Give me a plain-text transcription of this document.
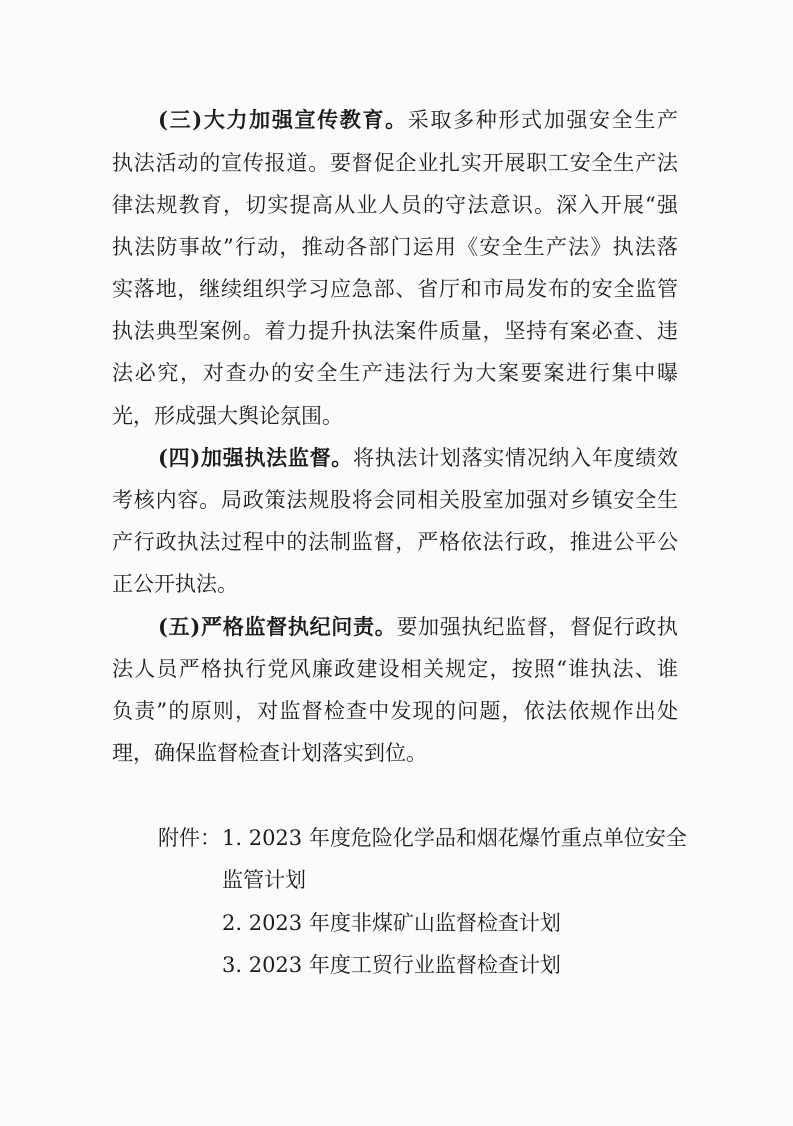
(三)大力加强宣传教育。采取多种形式加强安全生产
执法活动的宣传报道。要督促企业扎实开展职工安全生产法
律法规教育，切实提高从业人员的守法意识。深入开展“强
执法防事故”行动，推动各部门运用《安全生产法》执法落
实落地，继续组织学习应急部、省厅和市局发布的安全监管
执法典型案例。着力提升执法案件质量，坚持有案必查、违
法必究，对查办的安全生产违法行为大案要案进行集中曝
光，形成强大舆论氛围。
(四)加强执法监督。将执法计划落实情况纳入年度绩效
考核内容。局政策法规股将会同相关股室加强对乡镇安全生
产行政执法过程中的法制监督，严格依法行政，推进公平公
正公开执法。
(五)严格监督执纪问责。要加强执纪监督，督促行政执
法人员严格执行党风廉政建设相关规定，按照“谁执法、谁
负责”的原则，对监督检查中发现的问题，依法依规作出处
理，确保监督检查计划落实到位。
附件： 1. 2023 年度危险化学品和烟花爆竹重点单位安全
监管计划
2. 2023 年度非煤矿山监督检查计划
3. 2023 年度工贸行业监督检查计划
